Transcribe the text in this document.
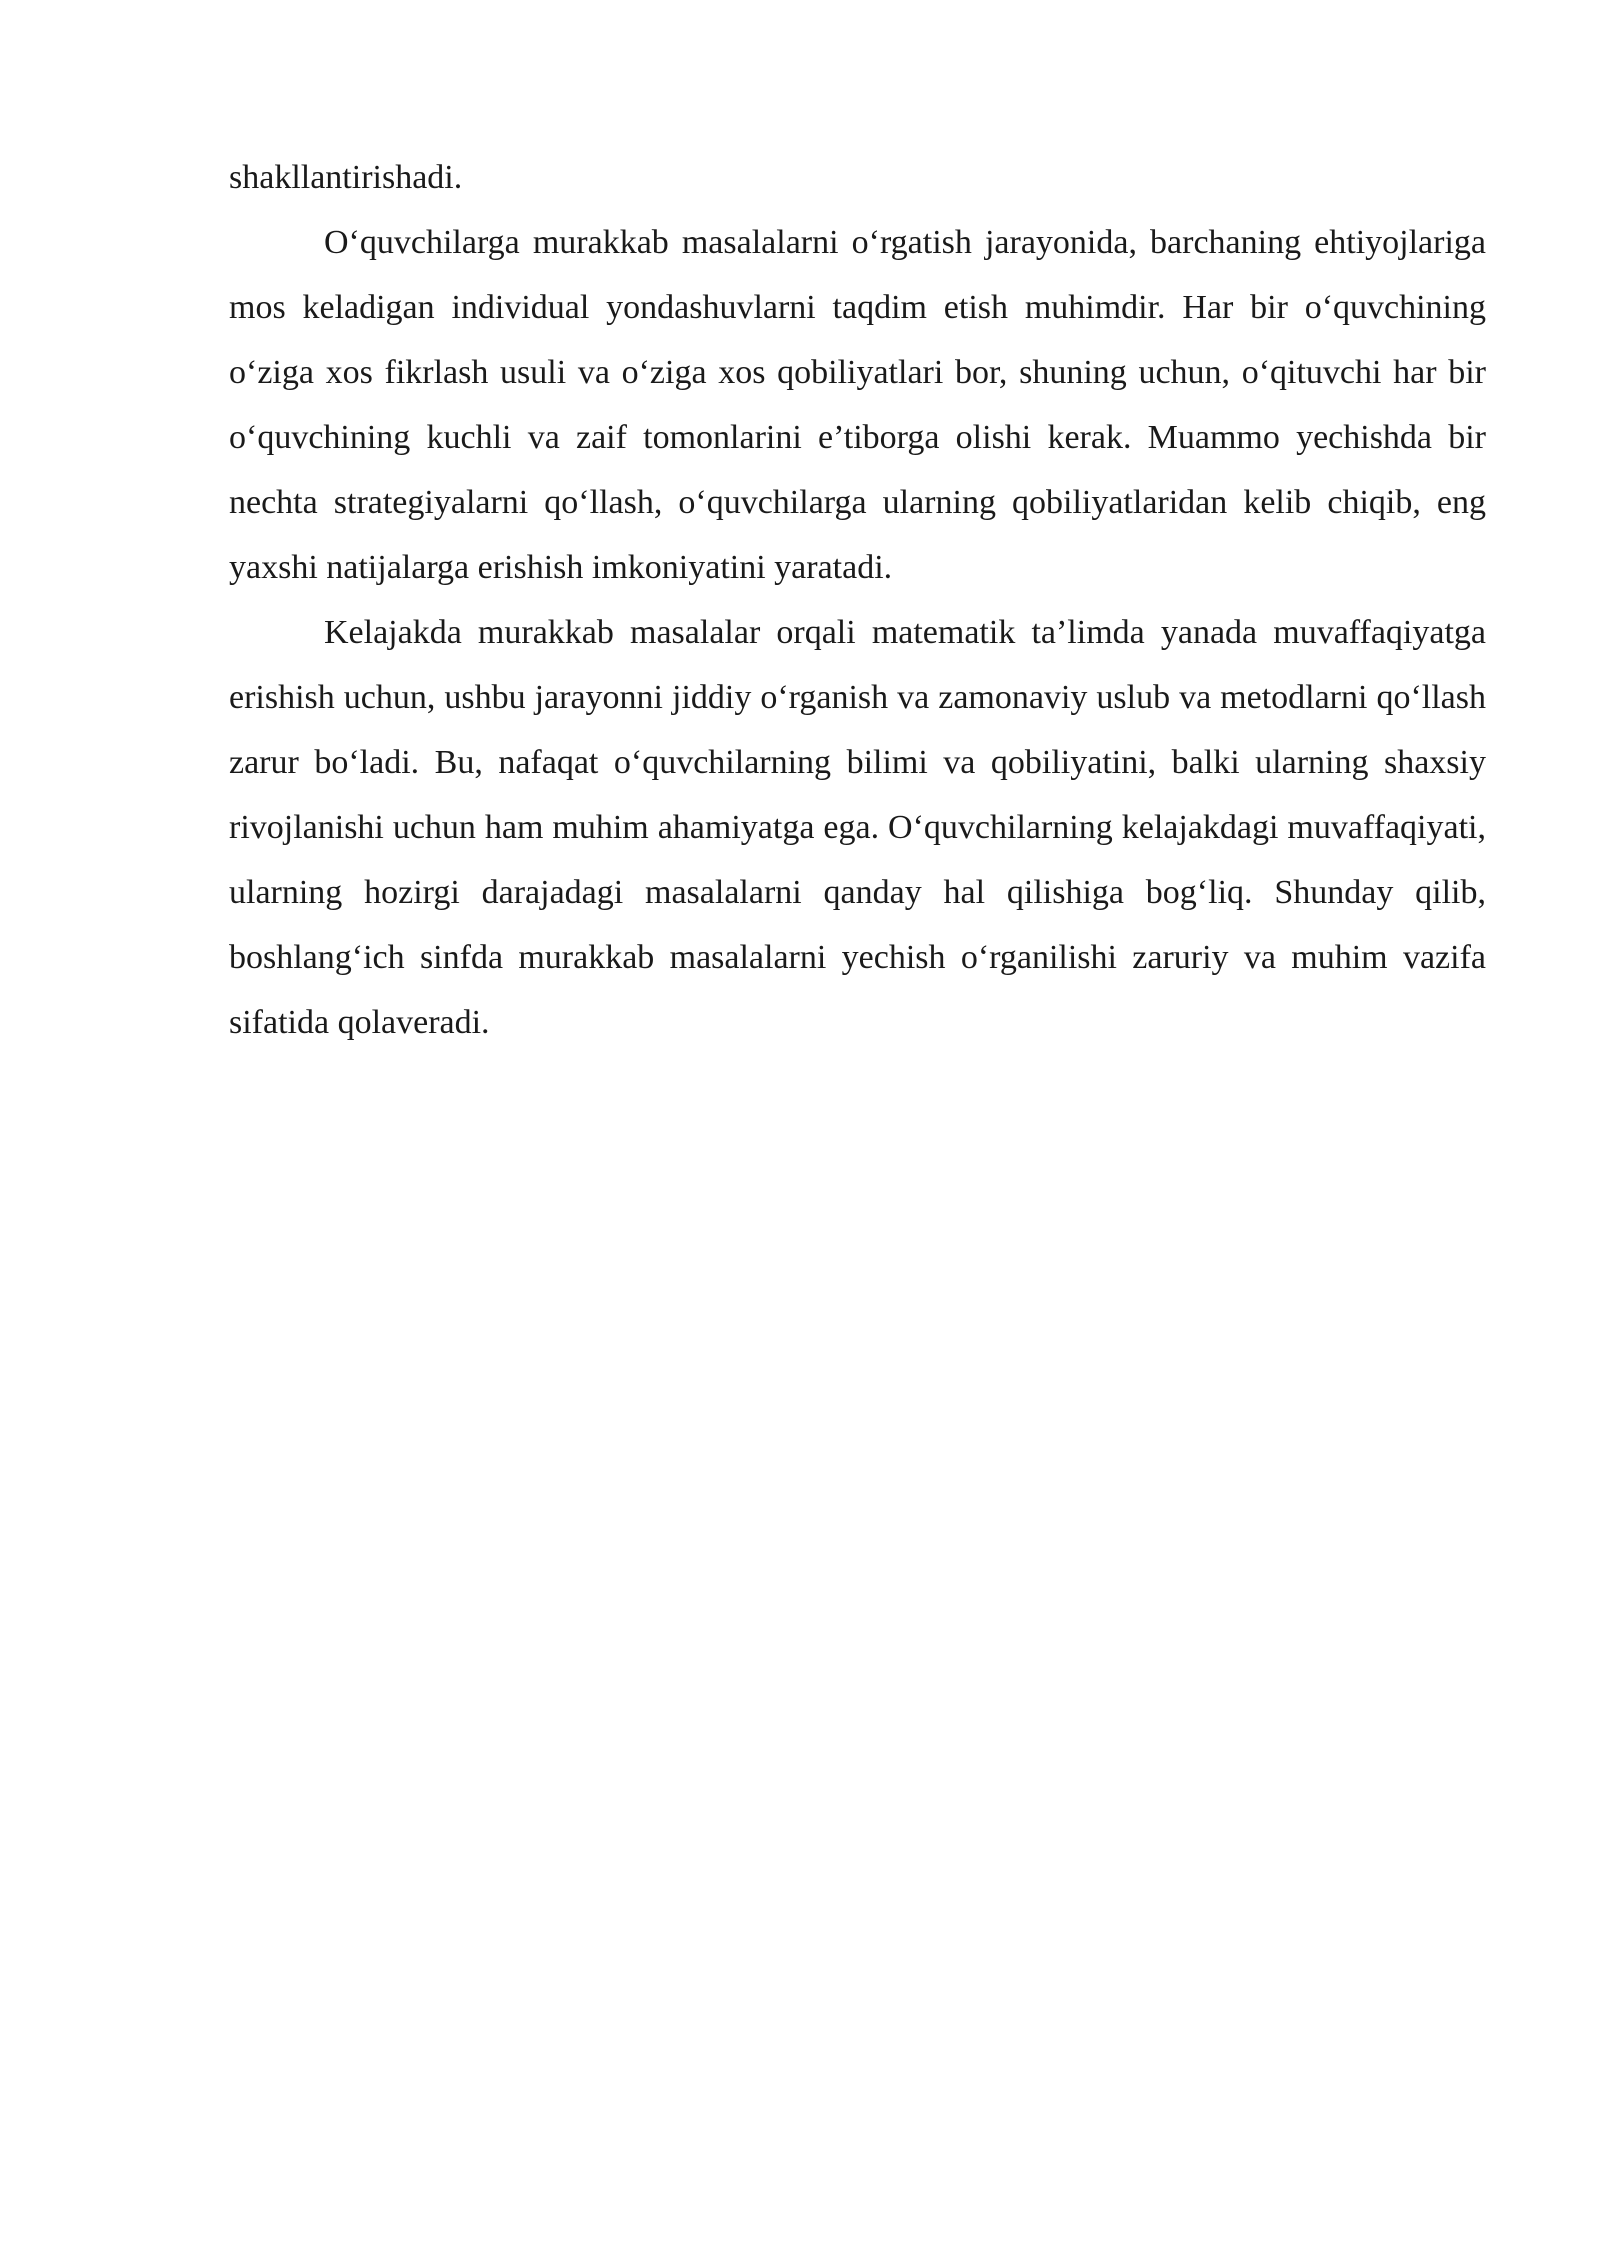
shakllantirishadi.

O‘quvchilarga murakkab masalalarni o‘rgatish jarayonida, barchaning ehtiyojlariga mos keladigan individual yondashuvlarni taqdim etish muhimdir. Har bir o‘quvchining o‘ziga xos fikrlash usuli va o‘ziga xos qobiliyatlari bor, shuning uchun, o‘qituvchi har bir o‘quvchining kuchli va zaif tomonlarini e’tiborga olishi kerak. Muammo yechishda bir nechta strategiyalarni qo‘llash, o‘quvchilarga ularning qobiliyatlaridan kelib chiqib, eng yaxshi natijalarga erishish imkoniyatini yaratadi.

Kelajakda murakkab masalalar orqali matematik ta’limda yanada muvaffaqiyatga erishish uchun, ushbu jarayonni jiddiy o‘rganish va zamonaviy uslub va metodlarni qo‘llash zarur bo‘ladi. Bu, nafaqat o‘quvchilarning bilimi va qobiliyatini, balki ularning shaxsiy rivojlanishi uchun ham muhim ahamiyatga ega. O‘quvchilarning kelajakdagi muvaffaqiyati, ularning hozirgi darajadagi masalalarni qanday hal qilishiga bog‘liq. Shunday qilib, boshlang‘ich sinfda murakkab masalalarni yechish o‘rganilishi zaruriy va muhim vazifa sifatida qolaveradi.
